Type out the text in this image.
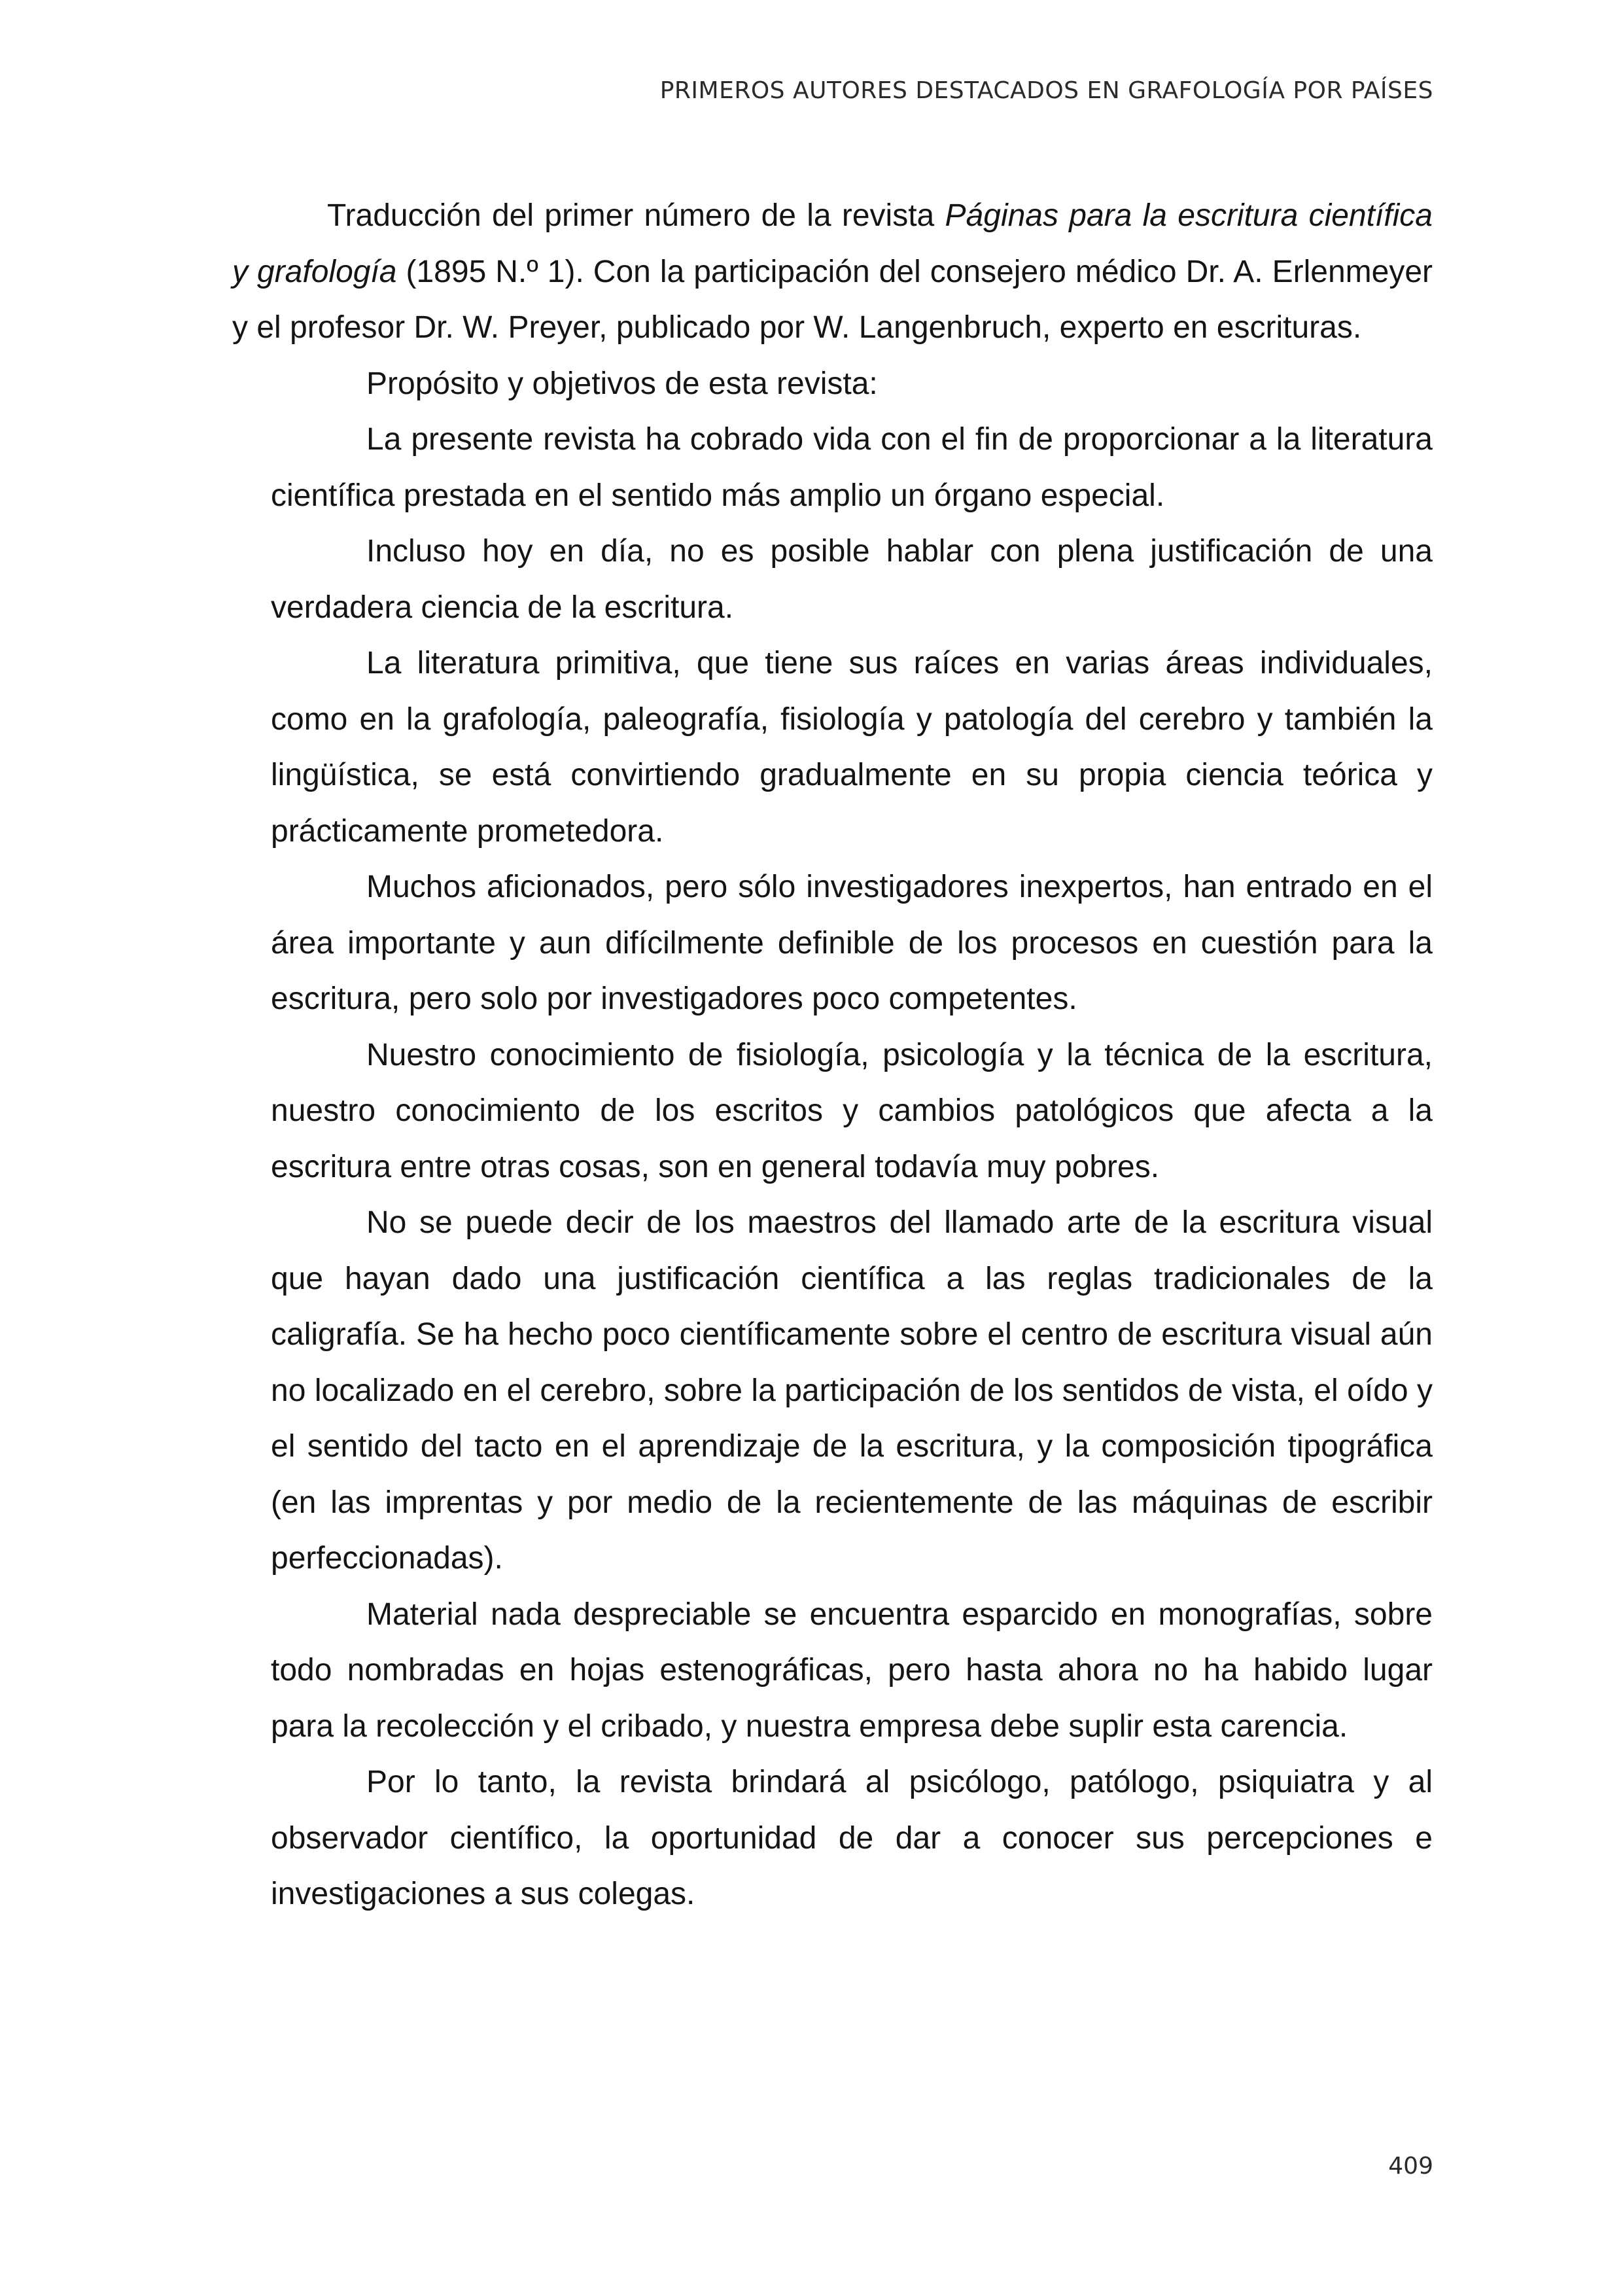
PRIMEROS AUTORES DESTACADOS EN GRAFOLOGÍA POR PAÍSES

Traducción del primer número de la revista Páginas para la escritura científica y grafología (1895 N.º 1). Con la participación del consejero médico Dr. A. Erlenmeyer y el profesor Dr. W. Preyer, publicado por W. Langenbruch, experto en escrituras.

Propósito y objetivos de esta revista:

La presente revista ha cobrado vida con el fin de proporcionar a la literatura científica prestada en el sentido más amplio un órgano especial.

Incluso hoy en día, no es posible hablar con plena justificación de una verdadera ciencia de la escritura.

La literatura primitiva, que tiene sus raíces en varias áreas individuales, como en la grafología, paleografía, fisiología y patología del cerebro y también la lingüística, se está convirtiendo gradualmente en su propia ciencia teórica y prácticamente prometedora.

Muchos aficionados, pero sólo investigadores inexpertos, han entrado en el área importante y aun difícilmente definible de los procesos en cuestión para la escritura, pero solo por investigadores poco competentes.

Nuestro conocimiento de fisiología, psicología y la técnica de la escritura, nuestro conocimiento de los escritos y cambios patológicos que afecta a la escritura entre otras cosas, son en general todavía muy pobres.

No se puede decir de los maestros del llamado arte de la escritura visual que hayan dado una justificación científica a las reglas tradicionales de la caligrafía. Se ha hecho poco científicamente sobre el centro de escritura visual aún no localizado en el cerebro, sobre la participación de los sentidos de vista, el oído y el sentido del tacto en el aprendizaje de la escritura, y la composición tipográfica (en las imprentas y por medio de la recientemente de las máquinas de escribir perfeccionadas).

Material nada despreciable se encuentra esparcido en monografías, sobre todo nombradas en hojas estenográficas, pero hasta ahora no ha habido lugar para la recolección y el cribado, y nuestra empresa debe suplir esta carencia.

Por lo tanto, la revista brindará al psicólogo, patólogo, psiquiatra y al observador científico, la oportunidad de dar a conocer sus percepciones e investigaciones a sus colegas.

409
